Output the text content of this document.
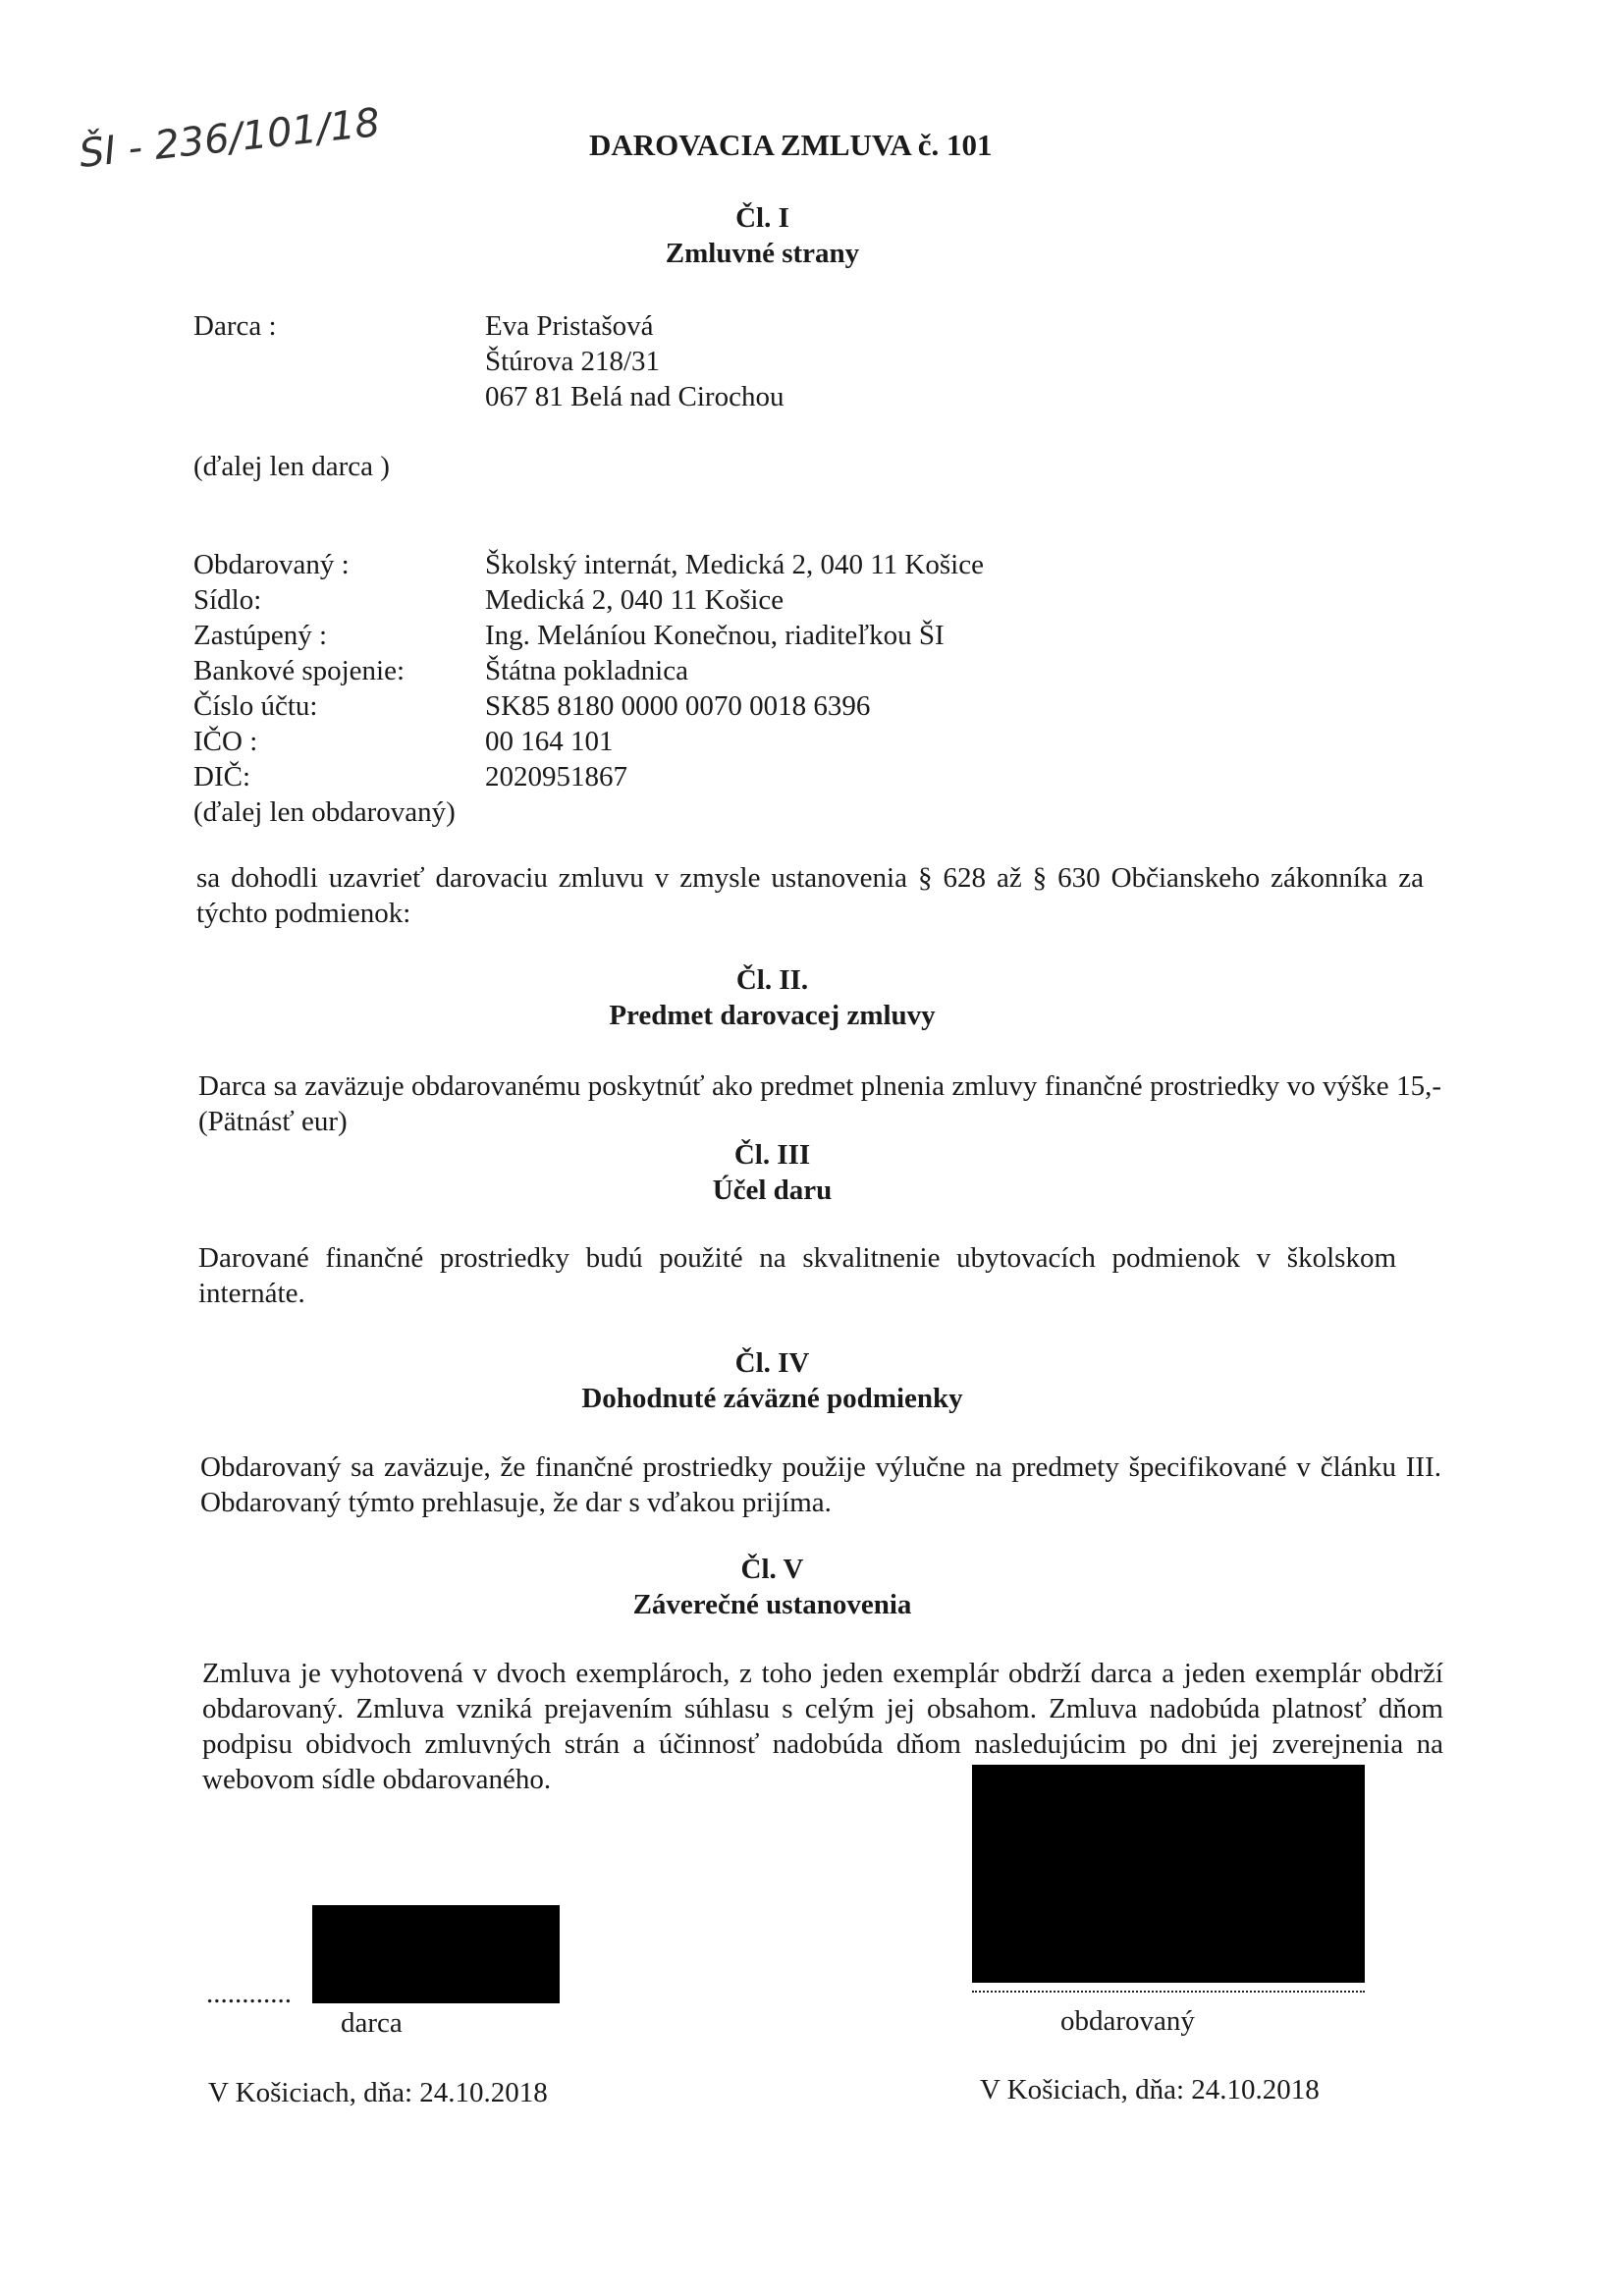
ŠI - 236/101/18	DAROVACIA ZMLUVA č. 101
Čl. I
Zmluvné strany
Darca :	Eva Pristašová
Štúrova 218/31
067 81 Belá nad Cirochou
(ďalej len darca )
Obdarovaný :	Školský internát, Medická 2, 040 11 Košice
Sídlo:	Medická 2, 040 11 Košice
Zastúpený :	Ing. Meláníou Konečnou, riaditeľkou ŠI
Bankové spojenie:	Štátna pokladnica
Číslo účtu:	SK85 8180 0000 0070 0018 6396
IČO :	00 164 101
DIČ:	2020951867
(ďalej len obdarovaný)
sa dohodli uzavrieť darovaciu zmluvu v zmysle ustanovenia § 628 až § 630 Občianskeho zákonníka za týchto podmienok:
Čl. II.
Predmet darovacej zmluvy
Darca sa zaväzuje obdarovanému poskytnúť ako predmet plnenia zmluvy finančné prostriedky vo výške 15,- (Pätnásť eur)
Čl. III
Účel daru
Darované finančné prostriedky budú použité na skvalitnenie ubytovacích podmienok v školskom internáte.
Čl. IV
Dohodnuté záväzné podmienky
Obdarovaný sa zaväzuje, že finančné prostriedky použije výlučne na predmety špecifikované v článku III. Obdarovaný týmto prehlasuje, že dar s vďakou prijíma.
Čl. V
Záverečné ustanovenia
Zmluva je vyhotovená v dvoch exemplároch, z toho jeden exemplár obdrží darca a jeden exemplár obdrží obdarovaný. Zmluva vzniká prejavením súhlasu s celým jej obsahom. Zmluva nadobúda platnosť dňom podpisu obidvoch zmluvných strán a účinnosť nadobúda dňom nasledujúcim po dni jej zverejnenia na webovom sídle obdarovaného.
............
darca	obdarovaný
V Košiciach, dňa: 24.10.2018	V Košiciach, dňa: 24.10.2018
